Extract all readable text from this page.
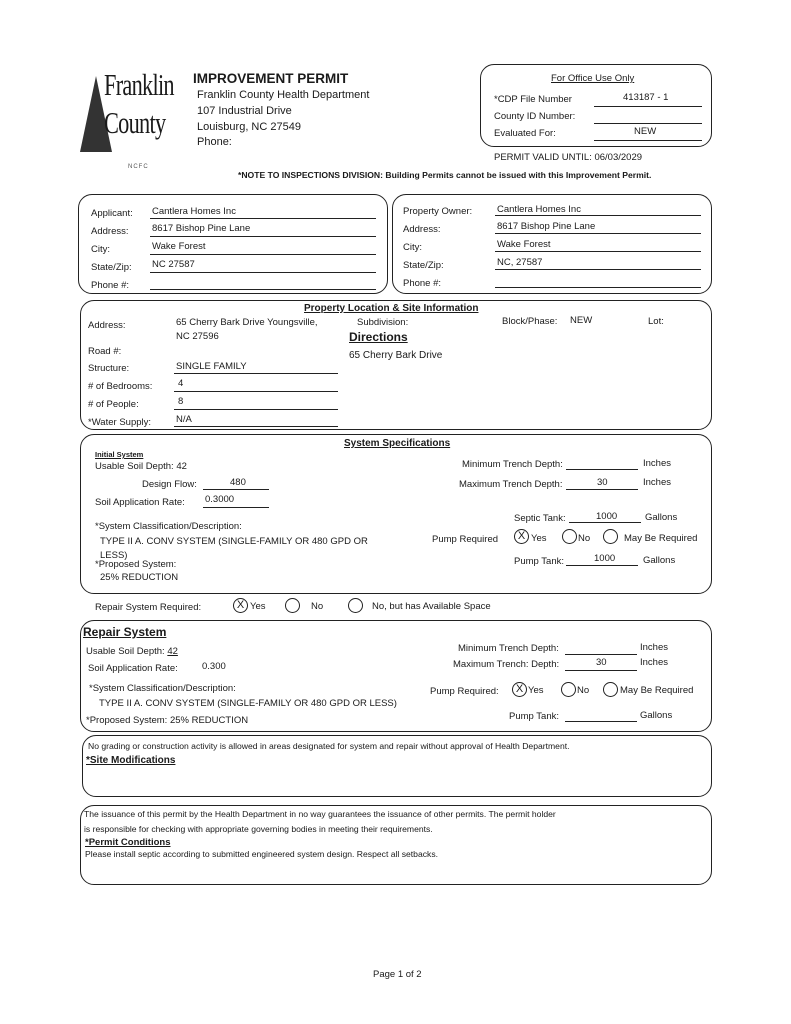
Franklin
County
NCFC
IMPROVEMENT PERMIT
Franklin County Health Department
107 Industrial Drive
Louisburg, NC 27549
Phone:
For Office Use Only
*CDP File Number	413187 - 1
County ID Number:
Evaluated For:	NEW
PERMIT VALID UNTIL: 06/03/2029
*NOTE TO INSPECTIONS DIVISION: Building Permits cannot be issued with this Improvement Permit.
Applicant: Cantlera Homes Inc
Address: 8617 Bishop Pine Lane
City:	Wake Forest
State/Zip: NC 27587
Phone #:
Property Owner:	Cantlera Homes Inc
Address:	8617 Bishop Pine Lane
City:	Wake Forest
State/Zip:	NC, 27587
Phone #:
Property Location & Site Information
Address:	65 Cherry Bark Drive Youngsville,
NC 27596
Subdivision:	Block/Phase: NEW	Lot:
Directions
65 Cherry Bark Drive
Road #:
Structure:	SINGLE FAMILY
# of Bedrooms:	4
# of People:	8
*Water Supply:	N/A
System Specifications
Initial System
Usable Soil Depth: 42
Design Flow:	480
Soil Application Rate: 0.3000
*System Classification/Description:
TYPE II A. CONV SYSTEM (SINGLE-FAMILY OR 480 GPD OR
LESS)
*Proposed System:
25% REDUCTION
Minimum Trench Depth:	Inches
Maximum Trench Depth:	30	Inches
Septic Tank:	1000	Gallons
Pump Required	X Yes	No	May Be Required
Pump Tank:	1000	Gallons
Repair System Required:	X Yes	No	No, but has Available Space
Repair System
Usable Soil Depth: 42
Soil Application Rate:	0.300
*System Classification/Description:
TYPE II A. CONV SYSTEM (SINGLE-FAMILY OR 480 GPD OR LESS)
*Proposed System: 25% REDUCTION
Minimum Trench Depth:	Inches
Maximum Trench: Depth:	30	Inches
Pump Required:	X Yes	No	May Be Required
Pump Tank:	Gallons
No grading or construction activity is allowed in areas designated for system and repair without approval of Health Department.
*Site Modifications
The issuance of this permit by the Health Department in no way guarantees the issuance of other permits. The permit holder
is responsible for checking with appropriate governing bodies in meeting their requirements.
*Permit Conditions
Please install septic according to submitted engineered system design. Respect all setbacks.
Page 1 of 2
